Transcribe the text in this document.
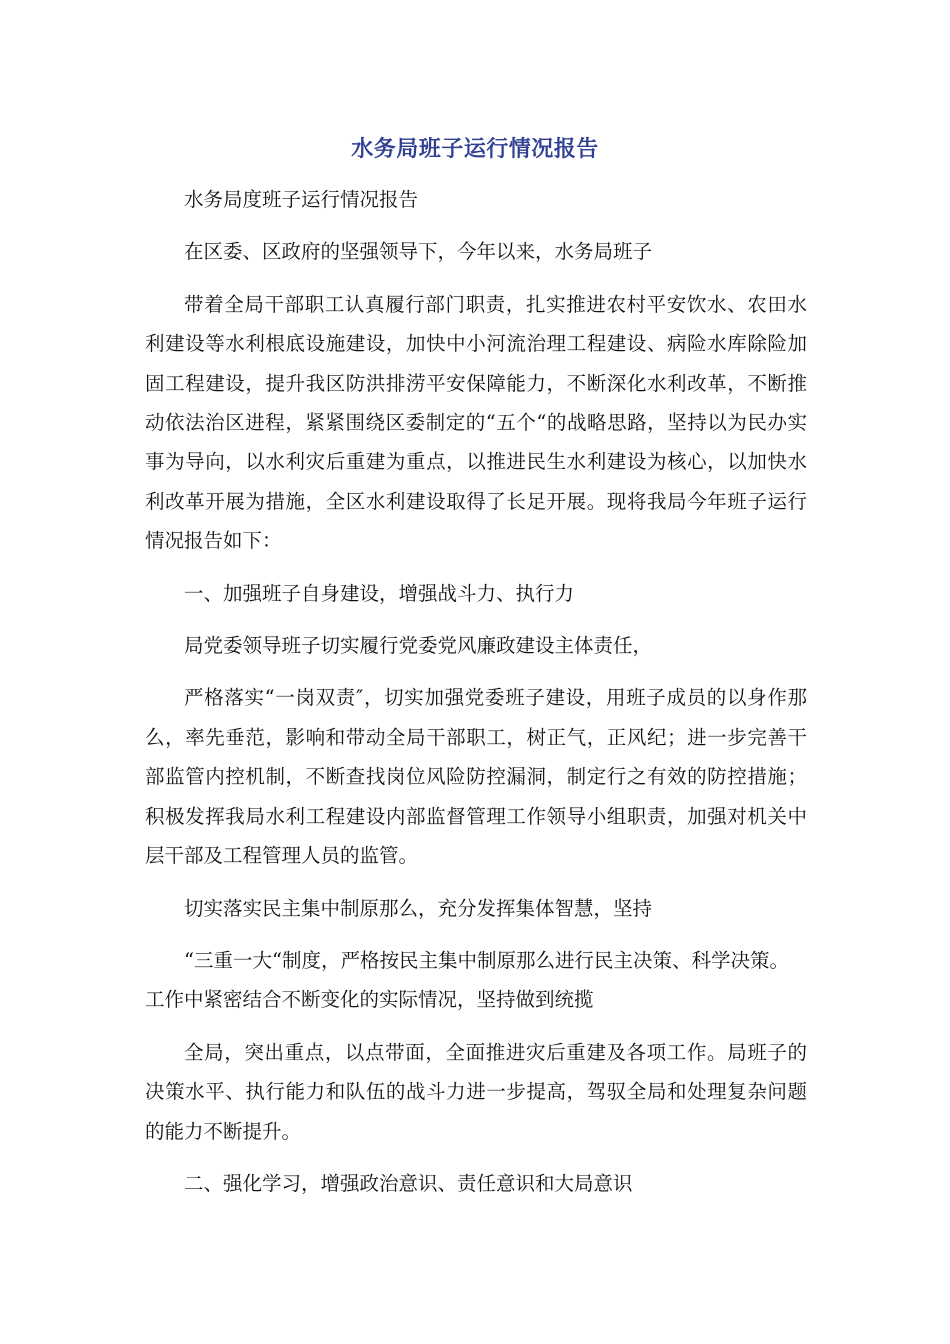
水务局班子运行情况报告

水务局度班子运行情况报告

在区委、区政府的坚强领导下，今年以来，水务局班子

带着全局干部职工认真履行部门职责，扎实推进农村平安饮水、农田水利建设等水利根底设施建设，加快中小河流治理工程建设、病险水库除险加固工程建设，提升我区防洪排涝平安保障能力，不断深化水利改革，不断推动依法治区进程，紧紧围绕区委制定的“五个“的战略思路，坚持以为民办实事为导向，以水利灾后重建为重点，以推进民生水利建设为核心，以加快水利改革开展为措施，全区水利建设取得了长足开展。现将我局今年班子运行情况报告如下：

一、加强班子自身建设，增强战斗力、执行力

局党委领导班子切实履行党委党风廉政建设主体责任，

严格落实“一岗双责″，切实加强党委班子建设，用班子成员的以身作那么，率先垂范，影响和带动全局干部职工，树正气，正风纪；进一步完善干部监管内控机制，不断查找岗位风险防控漏洞，制定行之有效的防控措施；积极发挥我局水利工程建设内部监督管理工作领导小组职责，加强对机关中层干部及工程管理人员的监管。

切实落实民主集中制原那么，充分发挥集体智慧，坚持

“三重一大“制度，严格按民主集中制原那么进行民主决策、科学决策。工作中紧密结合不断变化的实际情况，坚持做到统揽

全局，突出重点，以点带面，全面推进灾后重建及各项工作。局班子的决策水平、执行能力和队伍的战斗力进一步提高，驾驭全局和处理复杂问题的能力不断提升。

二、强化学习，增强政治意识、责任意识和大局意识
